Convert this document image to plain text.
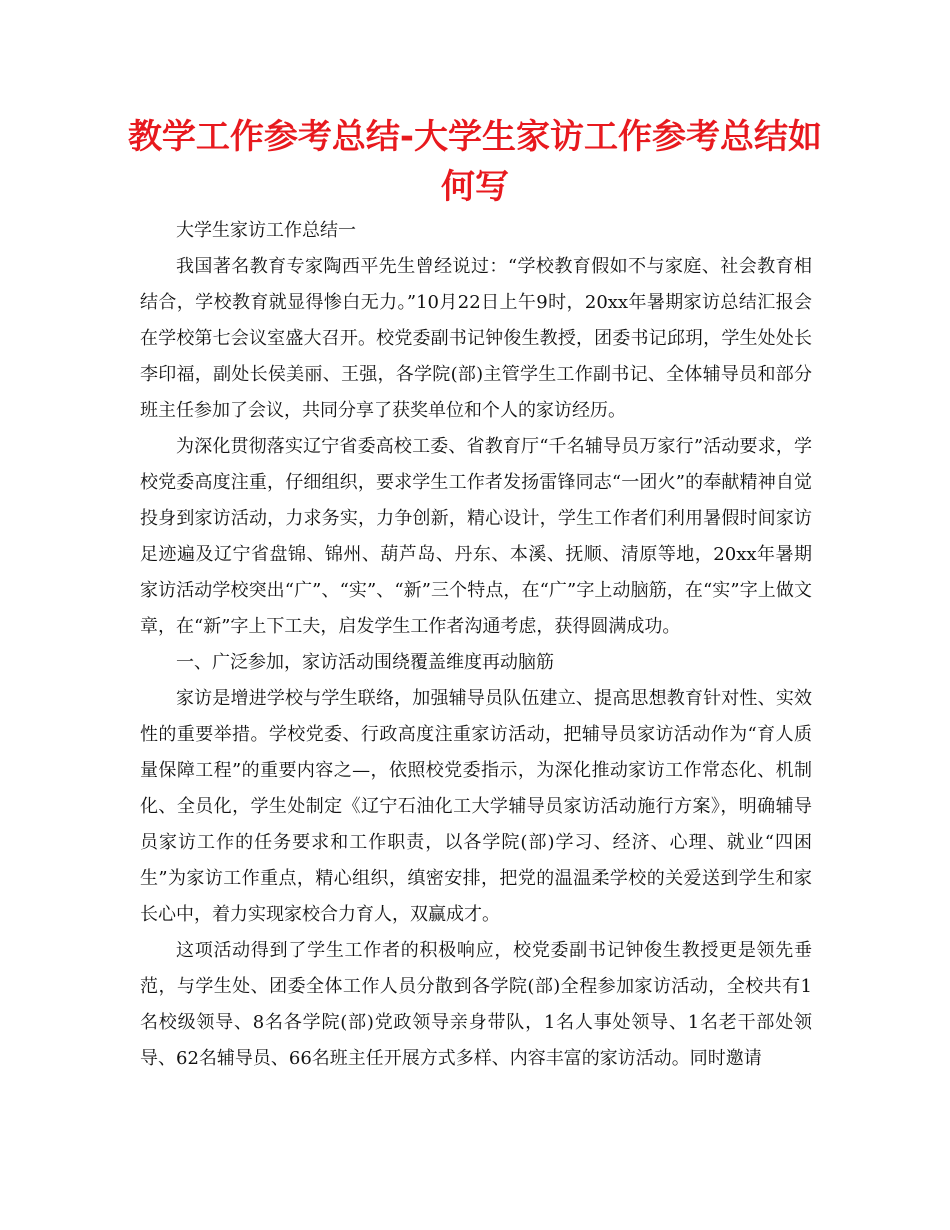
教学工作参考总结-大学生家访工作参考总结如何写

大学生家访工作总结一

我国著名教育专家陶西平先生曾经说过：“学校教育假如不与家庭、社会教育相结合，学校教育就显得惨白无力。”10月22日上午9时，20xx年暑期家访总结汇报会在学校第七会议室盛大召开。校党委副书记钟俊生教授，团委书记邱玥，学生处处长李印福，副处长侯美丽、王强，各学院(部)主管学生工作副书记、全体辅导员和部分班主任参加了会议，共同分享了获奖单位和个人的家访经历。

为深化贯彻落实辽宁省委高校工委、省教育厅“千名辅导员万家行”活动要求，学校党委高度注重，仔细组织，要求学生工作者发扬雷锋同志“一团火”的奉献精神自觉投身到家访活动，力求务实，力争创新，精心设计，学生工作者们利用暑假时间家访足迹遍及辽宁省盘锦、锦州、葫芦岛、丹东、本溪、抚顺、清原等地，20xx年暑期家访活动学校突出“广”、“实”、“新”三个特点，在“广”字上动脑筋，在“实”字上做文章，在“新”字上下工夫，启发学生工作者沟通考虑，获得圆满成功。

一、广泛参加，家访活动围绕覆盖维度再动脑筋

家访是增进学校与学生联络，加强辅导员队伍建立、提高思想教育针对性、实效性的重要举措。学校党委、行政高度注重家访活动，把辅导员家访活动作为“育人质量保障工程”的重要内容之—，依照校党委指示，为深化推动家访工作常态化、机制化、全员化，学生处制定《辽宁石油化工大学辅导员家访活动施行方案》，明确辅导员家访工作的任务要求和工作职责，以各学院(部)学习、经济、心理、就业“四困生”为家访工作重点，精心组织，缜密安排，把党的温温柔学校的关爱送到学生和家长心中，着力实现家校合力育人，双赢成才。

这项活动得到了学生工作者的积极响应，校党委副书记钟俊生教授更是领先垂范，与学生处、团委全体工作人员分散到各学院(部)全程参加家访活动，全校共有1名校级领导、8名各学院(部)党政领导亲身带队，1名人事处领导、1名老干部处领导、62名辅导员、66名班主任开展方式多样、内容丰富的家访活动。同时邀请
